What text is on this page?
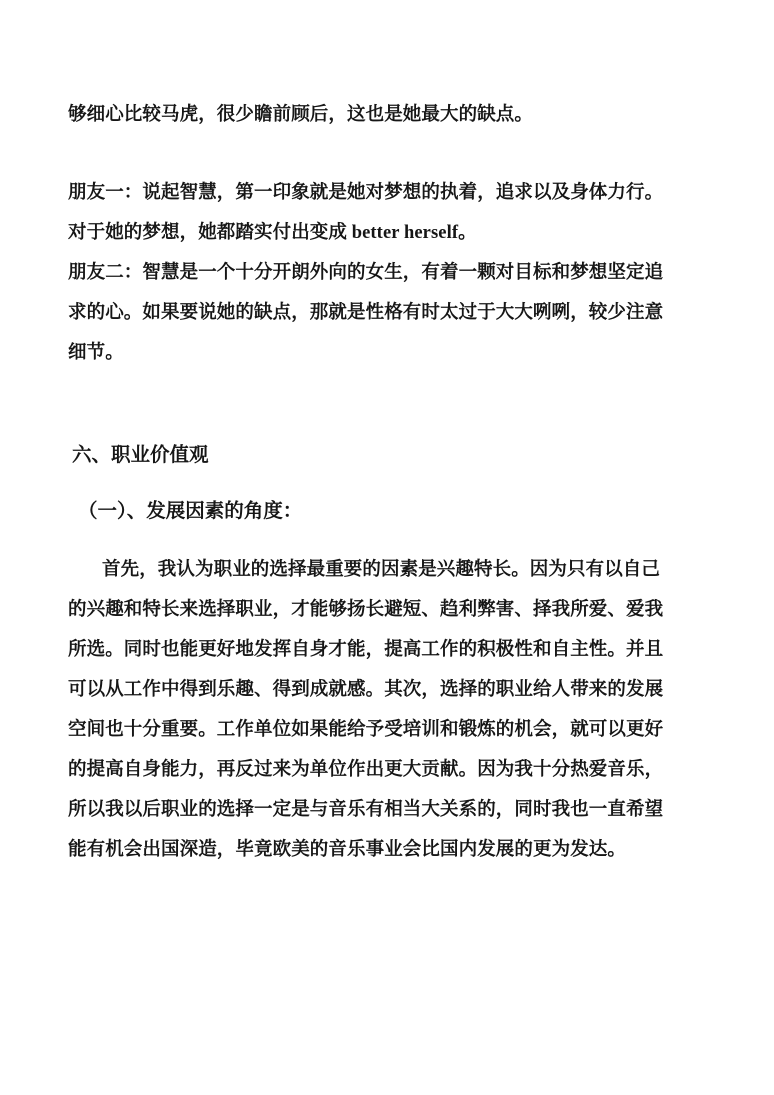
够细心比较马虎，很少瞻前顾后，这也是她最大的缺点。
朋友一：说起智慧，第一印象就是她对梦想的执着，追求以及身体力行。
对于她的梦想，她都踏实付出变成 better herself。
朋友二：智慧是一个十分开朗外向的女生，有着一颗对目标和梦想坚定追
求的心。如果要说她的缺点，那就是性格有时太过于大大咧咧，较少注意
细节。
六、职业价值观
（一）、发展因素的角度：
首先，我认为职业的选择最重要的因素是兴趣特长。因为只有以自己
的兴趣和特长来选择职业，才能够扬长避短、趋利弊害、择我所爱、爱我
所选。同时也能更好地发挥自身才能，提高工作的积极性和自主性。并且
可以从工作中得到乐趣、得到成就感。其次，选择的职业给人带来的发展
空间也十分重要。工作单位如果能给予受培训和锻炼的机会，就可以更好
的提高自身能力，再反过来为单位作出更大贡献。因为我十分热爱音乐，
所以我以后职业的选择一定是与音乐有相当大关系的，同时我也一直希望
能有机会出国深造，毕竟欧美的音乐事业会比国内发展的更为发达。
